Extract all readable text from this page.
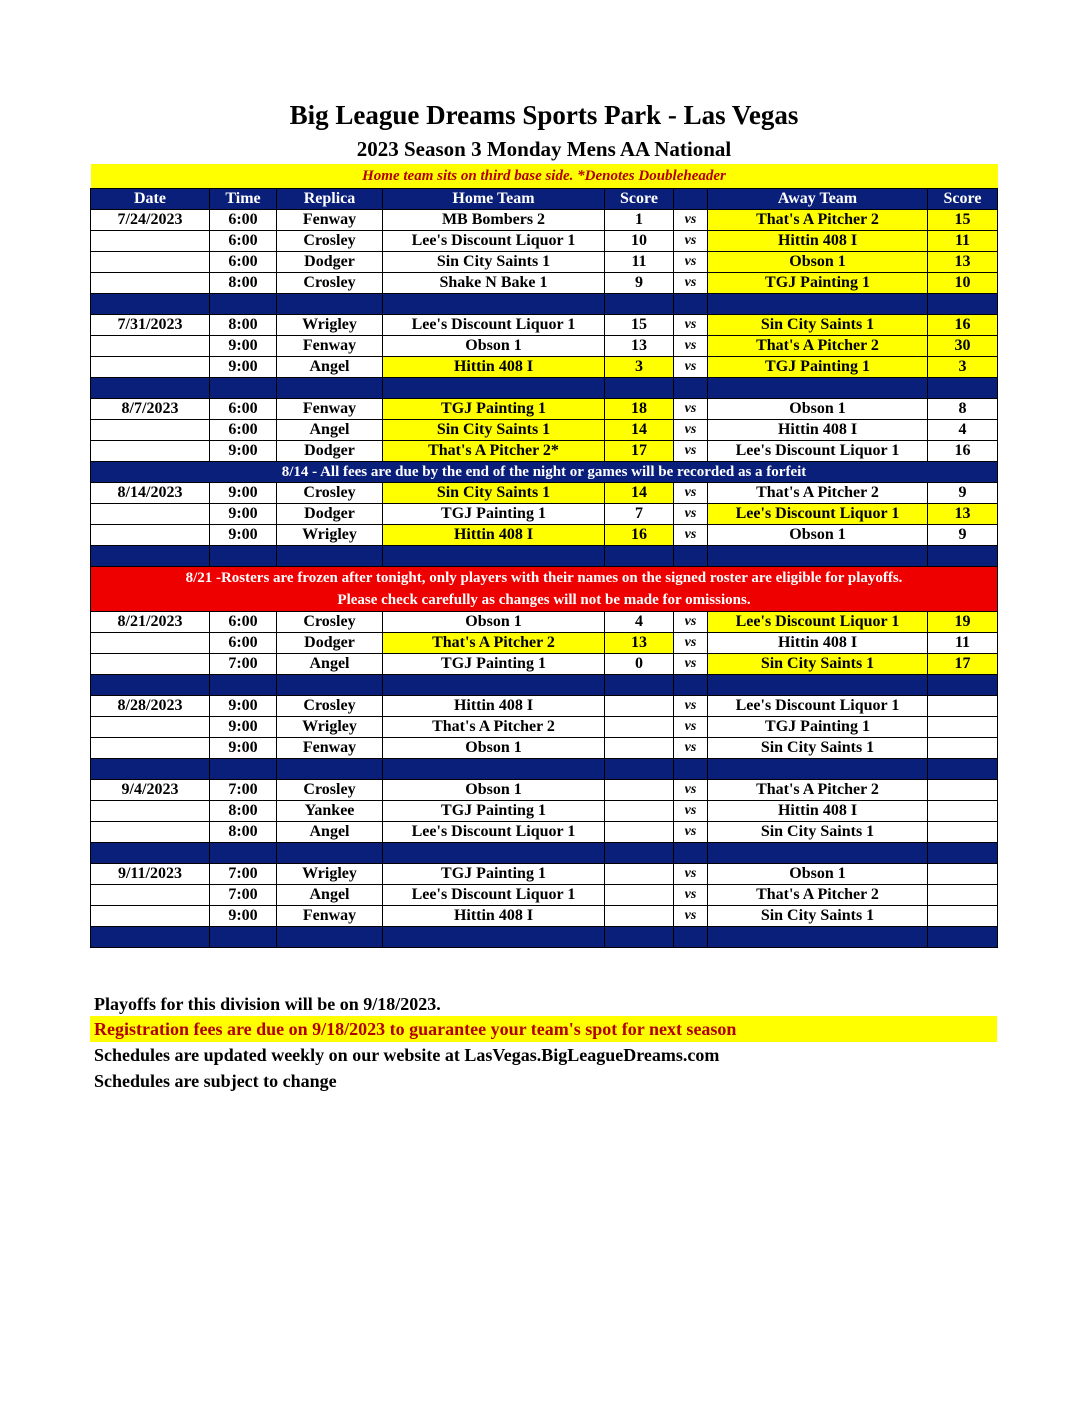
Big League Dreams Sports Park - Las Vegas
2023 Season 3 Monday Mens AA National
Home team sits on third base side. *Denotes Doubleheader							
Date	Time	Replica	Home Team	Score		Away Team	Score
7/24/2023	6:00	Fenway	MB Bombers 2	1	vs	That's A Pitcher 2	15
	6:00	Crosley	Lee's Discount Liquor 1	10	vs	Hittin 408 I	11
	6:00	Dodger	Sin City Saints 1	11	vs	Obson 1	13
	8:00	Crosley	Shake N Bake 1	9	vs	TGJ Painting 1	10

7/31/2023	8:00	Wrigley	Lee's Discount Liquor 1	15	vs	Sin City Saints 1	16
	9:00	Fenway	Obson 1	13	vs	That's A Pitcher 2	30
	9:00	Angel	Hittin 408 I	3	vs	TGJ Painting 1	3

8/7/2023	6:00	Fenway	TGJ Painting 1	18	vs	Obson 1	8
	6:00	Angel	Sin City Saints 1	14	vs	Hittin 408 I	4
	9:00	Dodger	That's A Pitcher 2*	17	vs	Lee's Discount Liquor 1	16
8/14 - All fees are due by the end of the night or games will be recorded as a forfeit							
8/14/2023	9:00	Crosley	Sin City Saints 1	14	vs	That's A Pitcher 2	9
	9:00	Dodger	TGJ Painting 1	7	vs	Lee's Discount Liquor 1	13
	9:00	Wrigley	Hittin 408 I	16	vs	Obson 1	9

8/21 -Rosters are frozen after tonight, only players with their names on the signed roster are eligible for playoffs.
Please check carefully as changes will not be made for omissions.							

8/21/2023	6:00	Crosley	Obson 1	4	vs	Lee's Discount Liquor 1	19
	6:00	Dodger	That's A Pitcher 2	13	vs	Hittin 408 I	11
	7:00	Angel	TGJ Painting 1	0	vs	Sin City Saints 1	17

8/28/2023	9:00	Crosley	Hittin 408 I		vs	Lee's Discount Liquor 1	
	9:00	Wrigley	That's A Pitcher 2		vs	TGJ Painting 1	
	9:00	Fenway	Obson 1		vs	Sin City Saints 1	

9/4/2023	7:00	Crosley	Obson 1		vs	That's A Pitcher 2	
	8:00	Yankee	TGJ Painting 1		vs	Hittin 408 I	
	8:00	Angel	Lee's Discount Liquor 1		vs	Sin City Saints 1	

9/11/2023	7:00	Wrigley	TGJ Painting 1		vs	Obson 1	
	7:00	Angel	Lee's Discount Liquor 1		vs	That's A Pitcher 2	
	9:00	Fenway	Hittin 408 I		vs	Sin City Saints 1	

Playoffs for this division will be on 9/18/2023.
Registration fees are due on 9/18/2023 to guarantee your team's spot for next season
Schedules are updated weekly on our website at LasVegas.BigLeagueDreams.com
Schedules are subject to change
